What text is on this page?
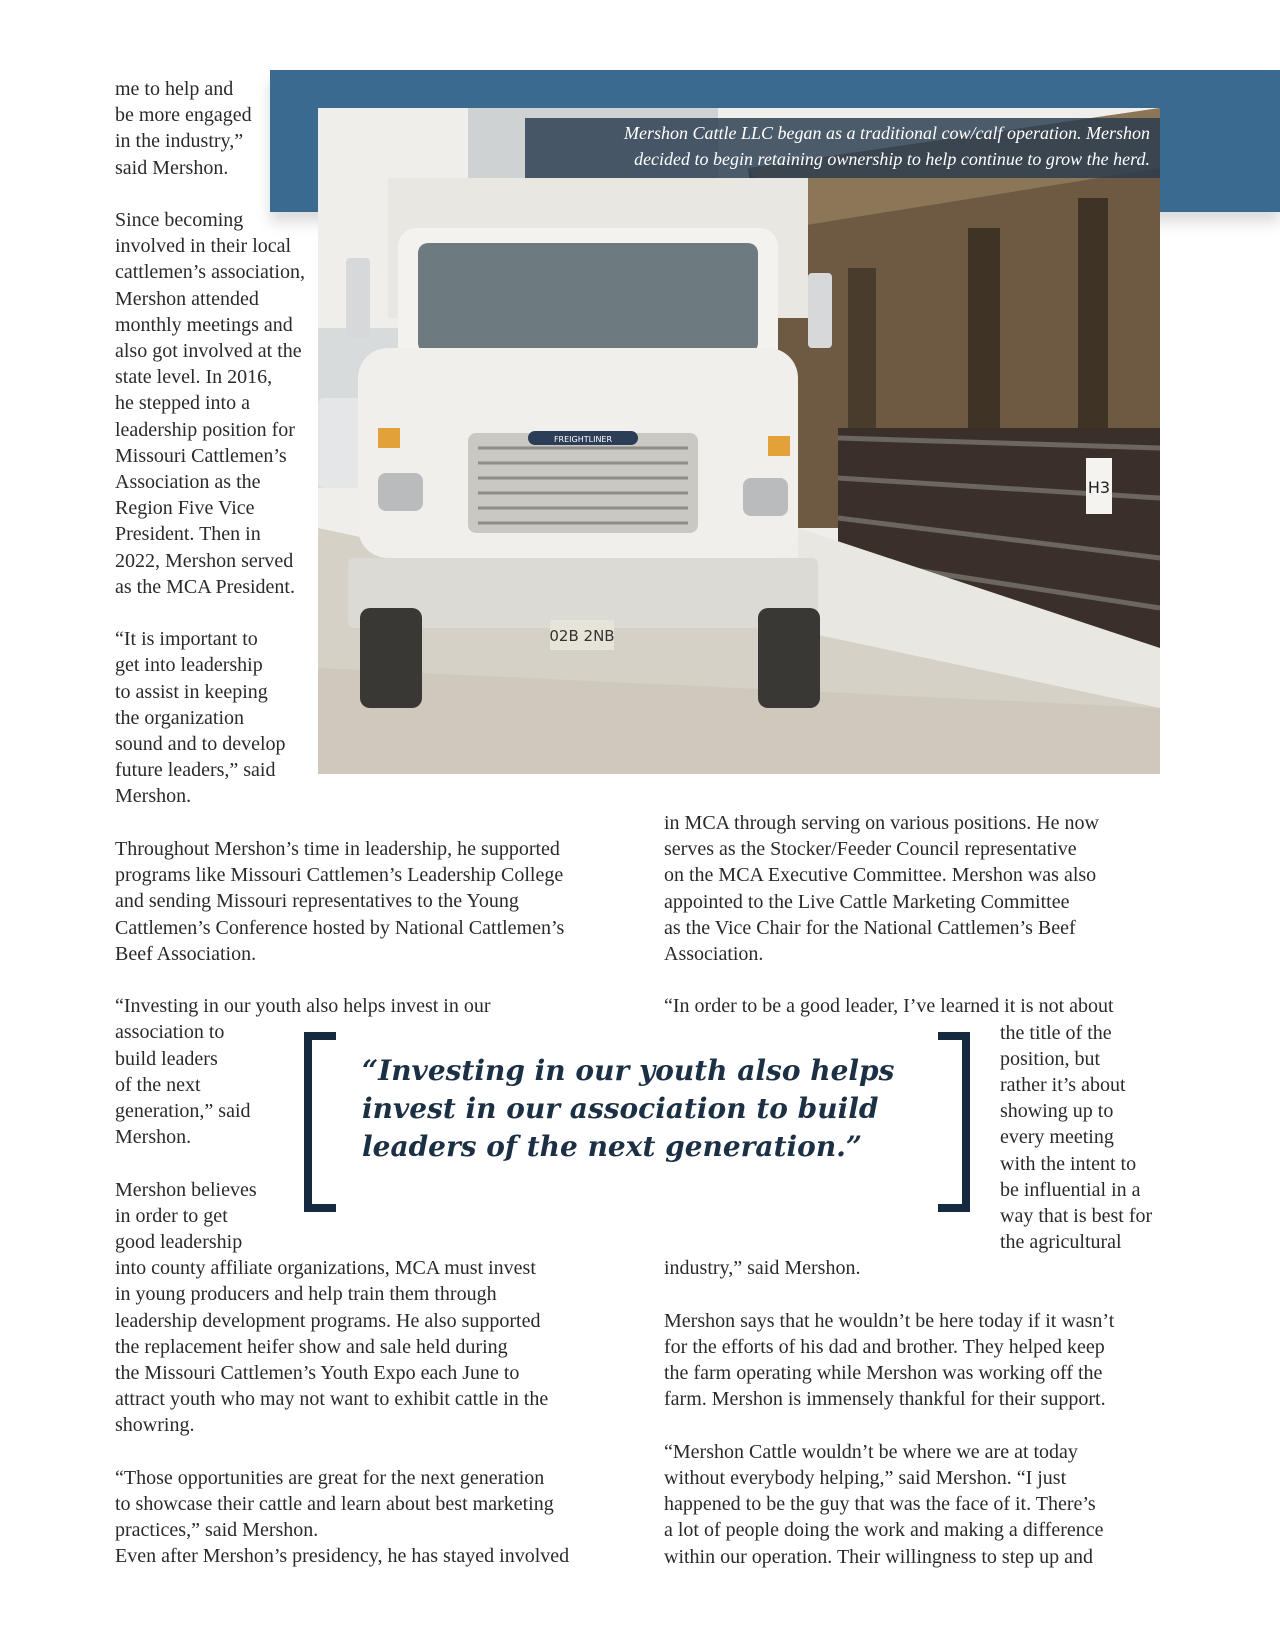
H3
FREIGHTLINER
02B 2NB

Mershon Cattle LLC began as a traditional cow/calf operation. Mershon

decided to begin retaining ownership to help continue to grow the herd.

me to help and

be more engaged

in the industry,”

said Mershon.

Since becoming

involved in their local

cattlemen’s association,

Mershon attended

monthly meetings and

also got involved at the

state level. In 2016,

he stepped into a

leadership position for

Missouri Cattlemen’s

Association as the

Region Five Vice

President. Then in

2022, Mershon served

as the MCA President.

“It is important to

get into leadership

to assist in keeping

the organization

sound and to develop

future leaders,” said

Mershon.

Throughout Mershon’s time in leadership, he supported

programs like Missouri Cattlemen’s Leadership College

and sending Missouri representatives to the Young

Cattlemen’s Conference hosted by National Cattlemen’s

Beef Association.

“Investing in our youth also helps invest in our

association to

build leaders

of the next

generation,” said

Mershon.

Mershon believes

in order to get

good leadership

into county affiliate organizations, MCA must invest

in young producers and help train them through

leadership development programs. He also supported

the replacement heifer show and sale held during

the Missouri Cattlemen’s Youth Expo each June to

attract youth who may not want to exhibit cattle in the

showring.

“Those opportunities are great for the next generation

to showcase their cattle and learn about best marketing

practices,” said Mershon.

Even after Mershon’s presidency, he has stayed involved

in MCA through serving on various positions. He now

serves as the Stocker/Feeder Council representative

on the MCA Executive Committee. Mershon was also

appointed to the Live Cattle Marketing Committee

as the Vice Chair for the National Cattlemen’s Beef

Association.

“In order to be a good leader, I’ve learned it is not about

the title of the

position, but

rather it’s about

showing up to

every meeting

with the intent to

be influential in a

way that is best for

the agricultural

industry,” said Mershon.

Mershon says that he wouldn’t be here today if it wasn’t

for the efforts of his dad and brother. They helped keep

the farm operating while Mershon was working off the

farm. Mershon is immensely thankful for their support.

“Mershon Cattle wouldn’t be where we are at today

without everybody helping,” said Mershon. “I just

happened to be the guy that was the face of it. There’s

a lot of people doing the work and making a difference

within our operation. Their willingness to step up and

“Investing in our youth also helps invest in our association to build leaders of the next generation.”
